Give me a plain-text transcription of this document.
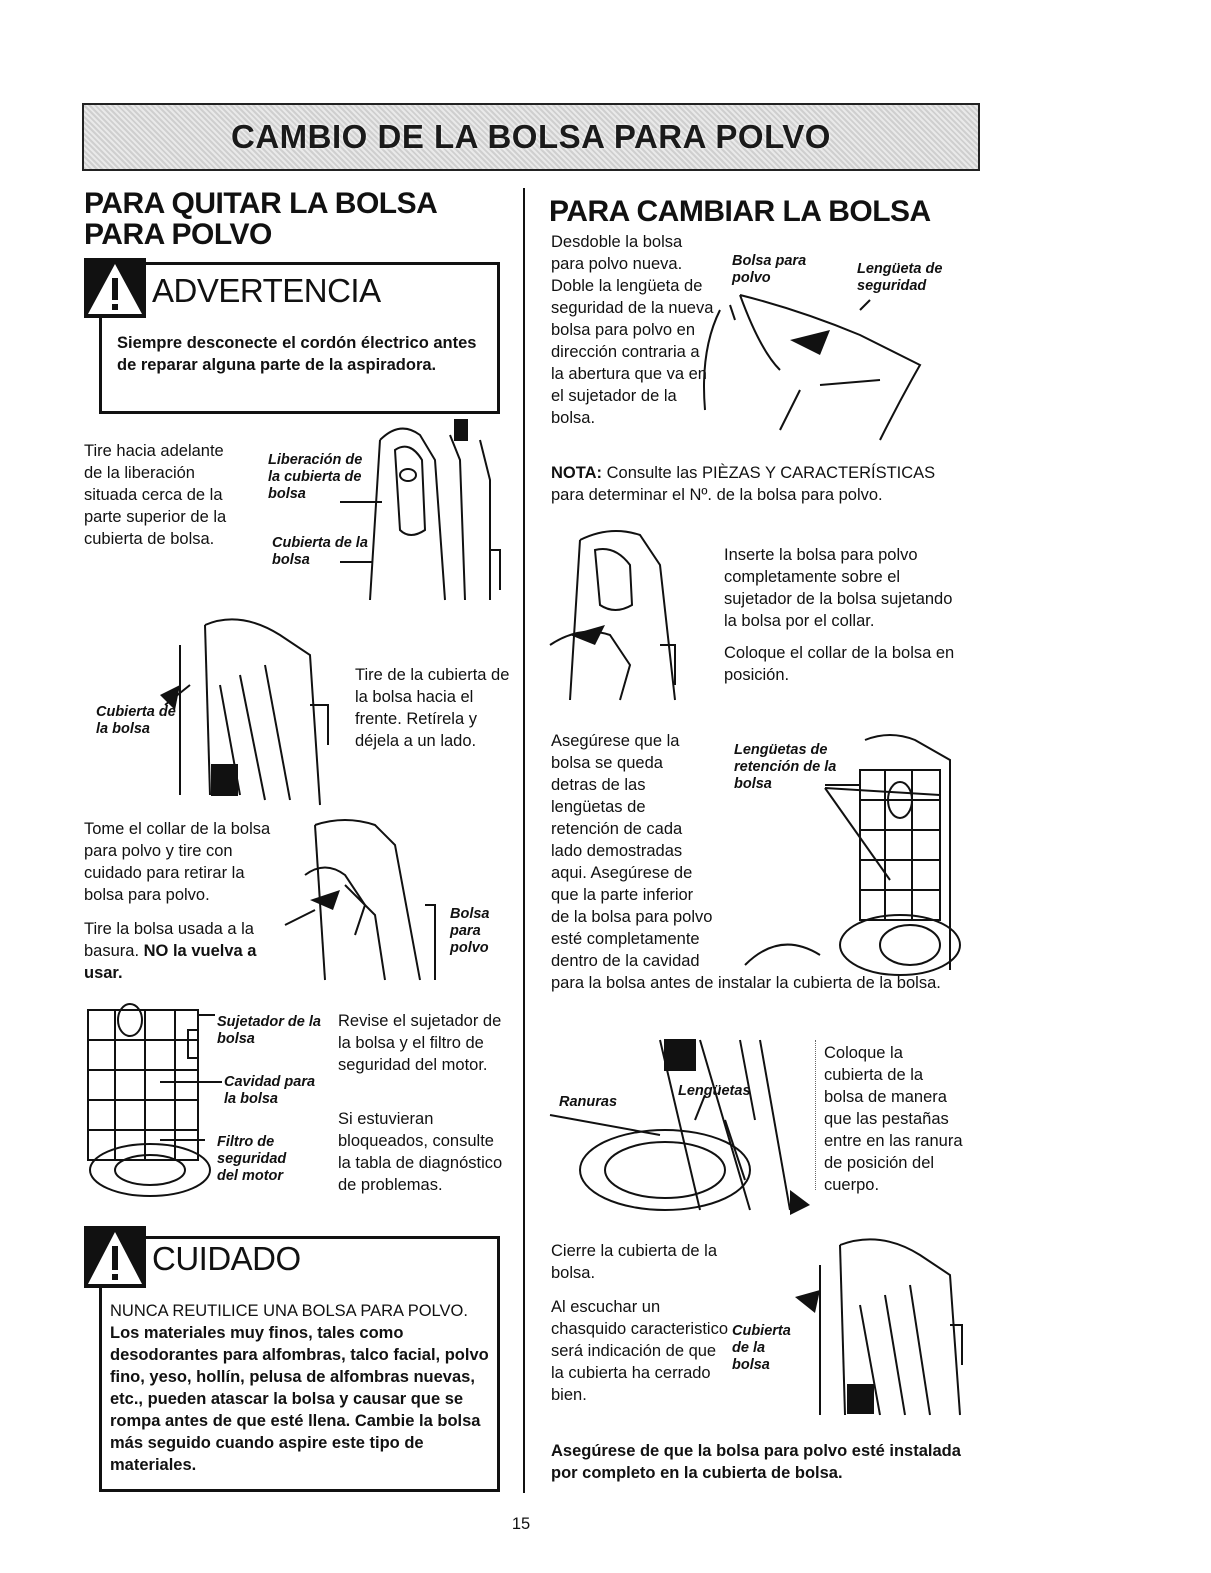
CAMBIO DE LA BOLSA PARA POLVO
PARA QUITAR LA BOLSA PARA POLVO
ADVERTENCIA
Siempre desconecte el cordón électrico antes de reparar alguna parte de la aspiradora.
Tire hacia adelante de la liberación situada cerca de la parte superior de la cubierta de bolsa.
Liberación de la cubierta de bolsa
Cubierta de la bolsa
Cubierta de la bolsa
Tire de la cubierta de la bolsa hacia el frente. Retírela y déjela a un lado.
Tome el collar de la bolsa para polvo y tire con cuidado para retirar la bolsa para polvo.
Tire la bolsa usada a la basura. NO la vuelva a usar.
Bolsa para polvo
Sujetador de la bolsa
Cavidad para la bolsa
Filtro de seguridad del motor
Revise el sujetador de la bolsa y el filtro de seguridad del motor.
Si estuvieran bloqueados, consulte la tabla de diagnóstico de problemas.
CUIDADO
NUNCA REUTILICE UNA BOLSA PARA POLVO. Los materiales muy finos, tales como desodorantes para alfombras, talco facial, polvo fino, yeso, hollín, pelusa de alfombras nuevas, etc., pueden atascar la bolsa y causar que se rompa antes de que esté llena. Cambie la bolsa más seguido cuando aspire este tipo de materiales.
PARA CAMBIAR LA BOLSA
Desdoble la bolsa para polvo nueva. Doble la lengüeta de seguridad de la nueva bolsa para polvo en dirección contraria a la abertura que va en el sujetador de la bolsa.
Bolsa para polvo
Lengüeta de seguridad
NOTA: Consulte las PIÈZAS Y CARACTERÍSTICAS para determinar el Nº. de la bolsa para polvo.
Inserte la bolsa para polvo completamente sobre el sujetador de la bolsa sujetando la bolsa por el collar.
Coloque el collar de la bolsa en posición.
Asegúrese que la bolsa se queda detras de las lengüetas de retención de cada lado demostradas aqui. Asegúrese de que la parte inferior de la bolsa para polvo esté completamente dentro de la cavidad para la bolsa antes de instalar la cubierta de la bolsa.
Lengüetas de retención de la bolsa
Ranuras
Lengüetas
Coloque la cubierta de la bolsa de manera que las pestañas entre en las ranura de posición del cuerpo.
Cierre la cubierta de la bolsa.
Al escuchar un chasquido caracteristico será indicación de que la cubierta ha cerrado bien.
Cubierta de la bolsa
Asegúrese de que la bolsa para polvo esté instalada por completo en la cubierta de bolsa.
15
